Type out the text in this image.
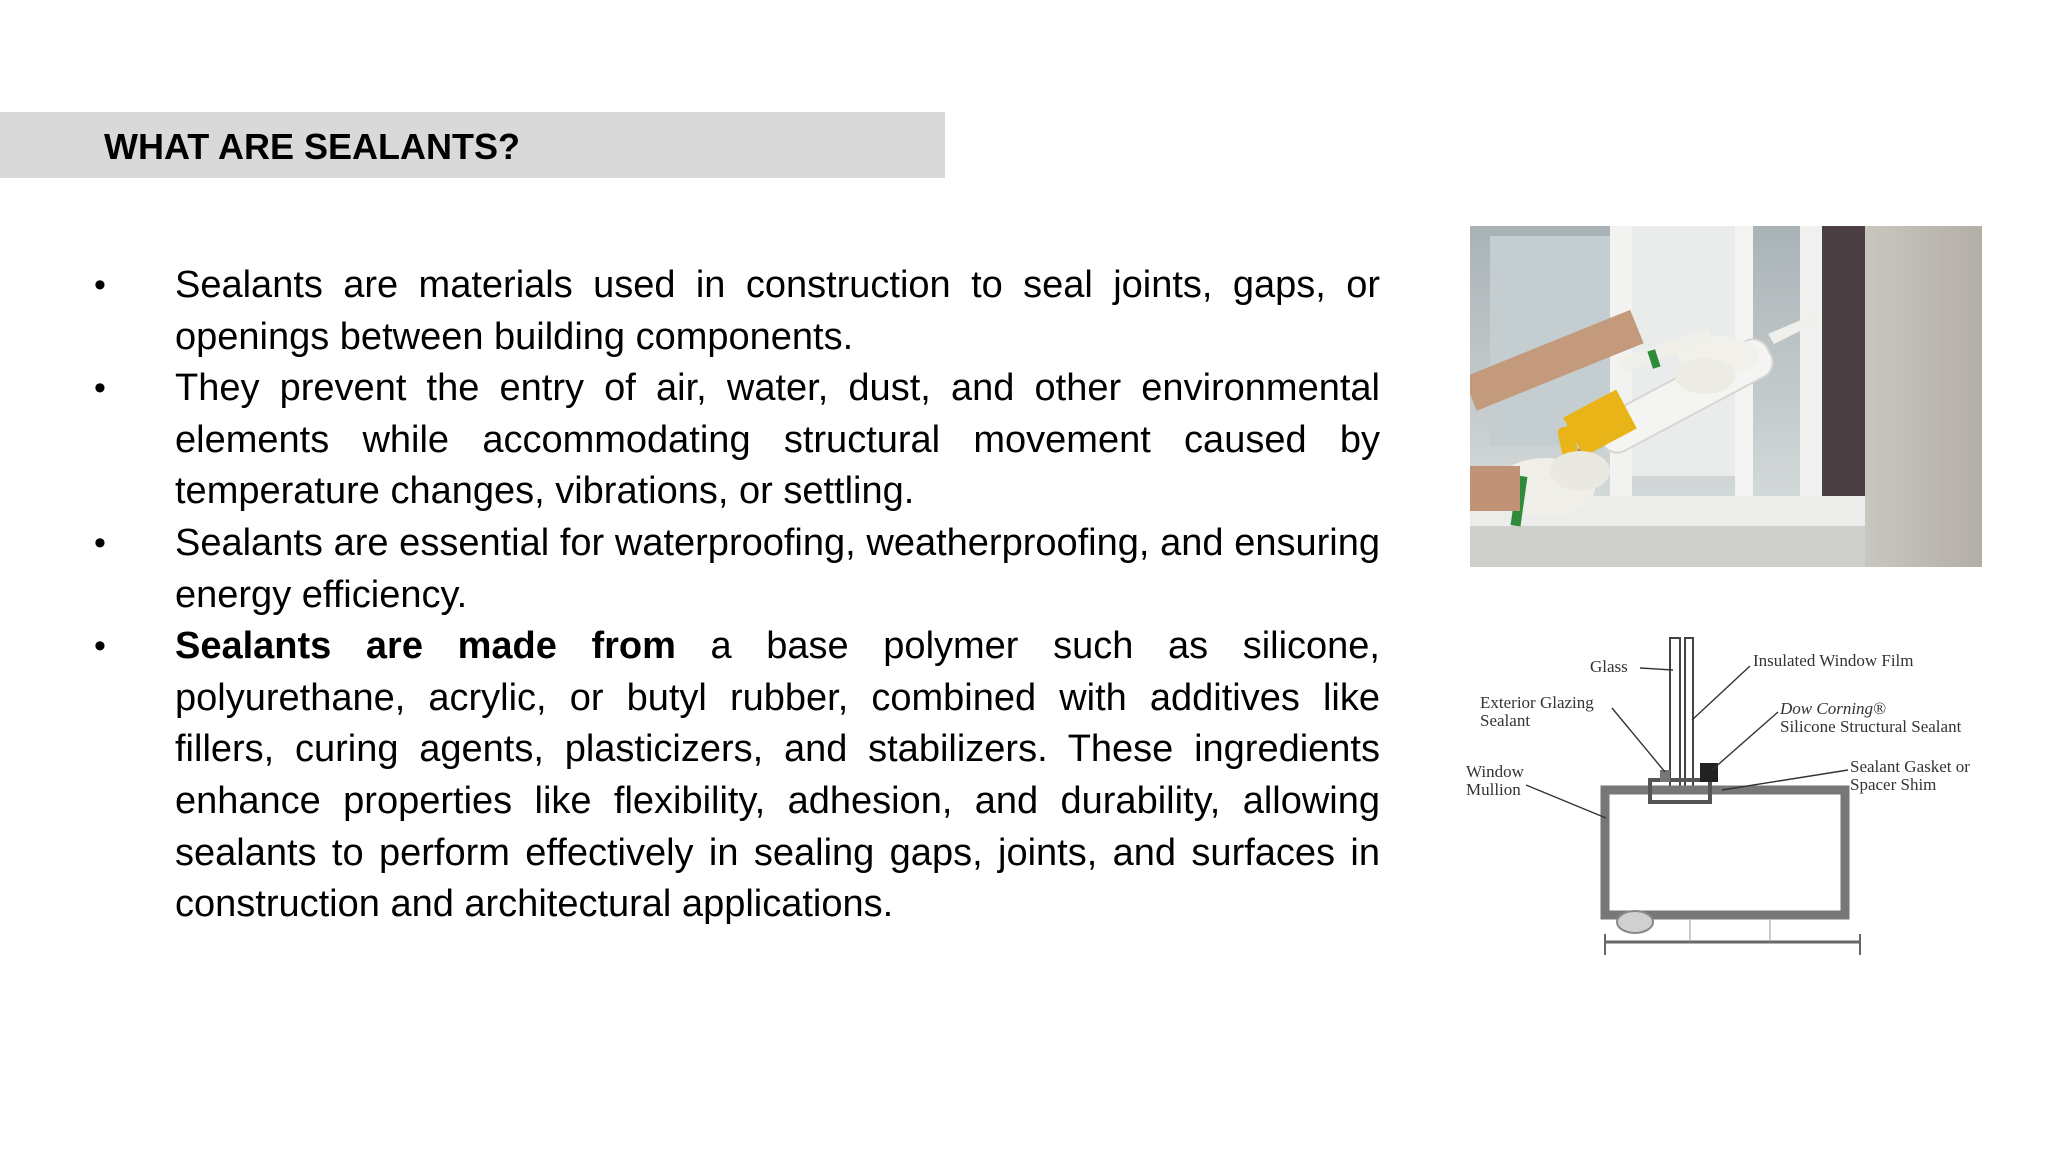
WHAT ARE SEALANTS?
• Sealants are materials used in construction to seal joints, gaps, or openings between building components.
• They prevent the entry of air, water, dust, and other environmental elements while accommodating structural movement caused by temperature changes, vibrations, or settling.
• Sealants are essential for waterproofing, weatherproofing, and ensuring energy efficiency.
• Sealants are made from a base polymer such as silicone, polyurethane, acrylic, or butyl rubber, combined with additives like fillers, curing agents, plasticizers, and stabilizers. These ingredients enhance properties like flexibility, adhesion, and durability, allowing sealants to perform effectively in sealing gaps, joints, and surfaces in construction and architectural applications.
Glass	Insulated Window Film
Exterior Glazing
Sealant
Dow Corning®
Silicone Structural Sealant
Window
Mullion
Sealant Gasket or
Spacer Shim
